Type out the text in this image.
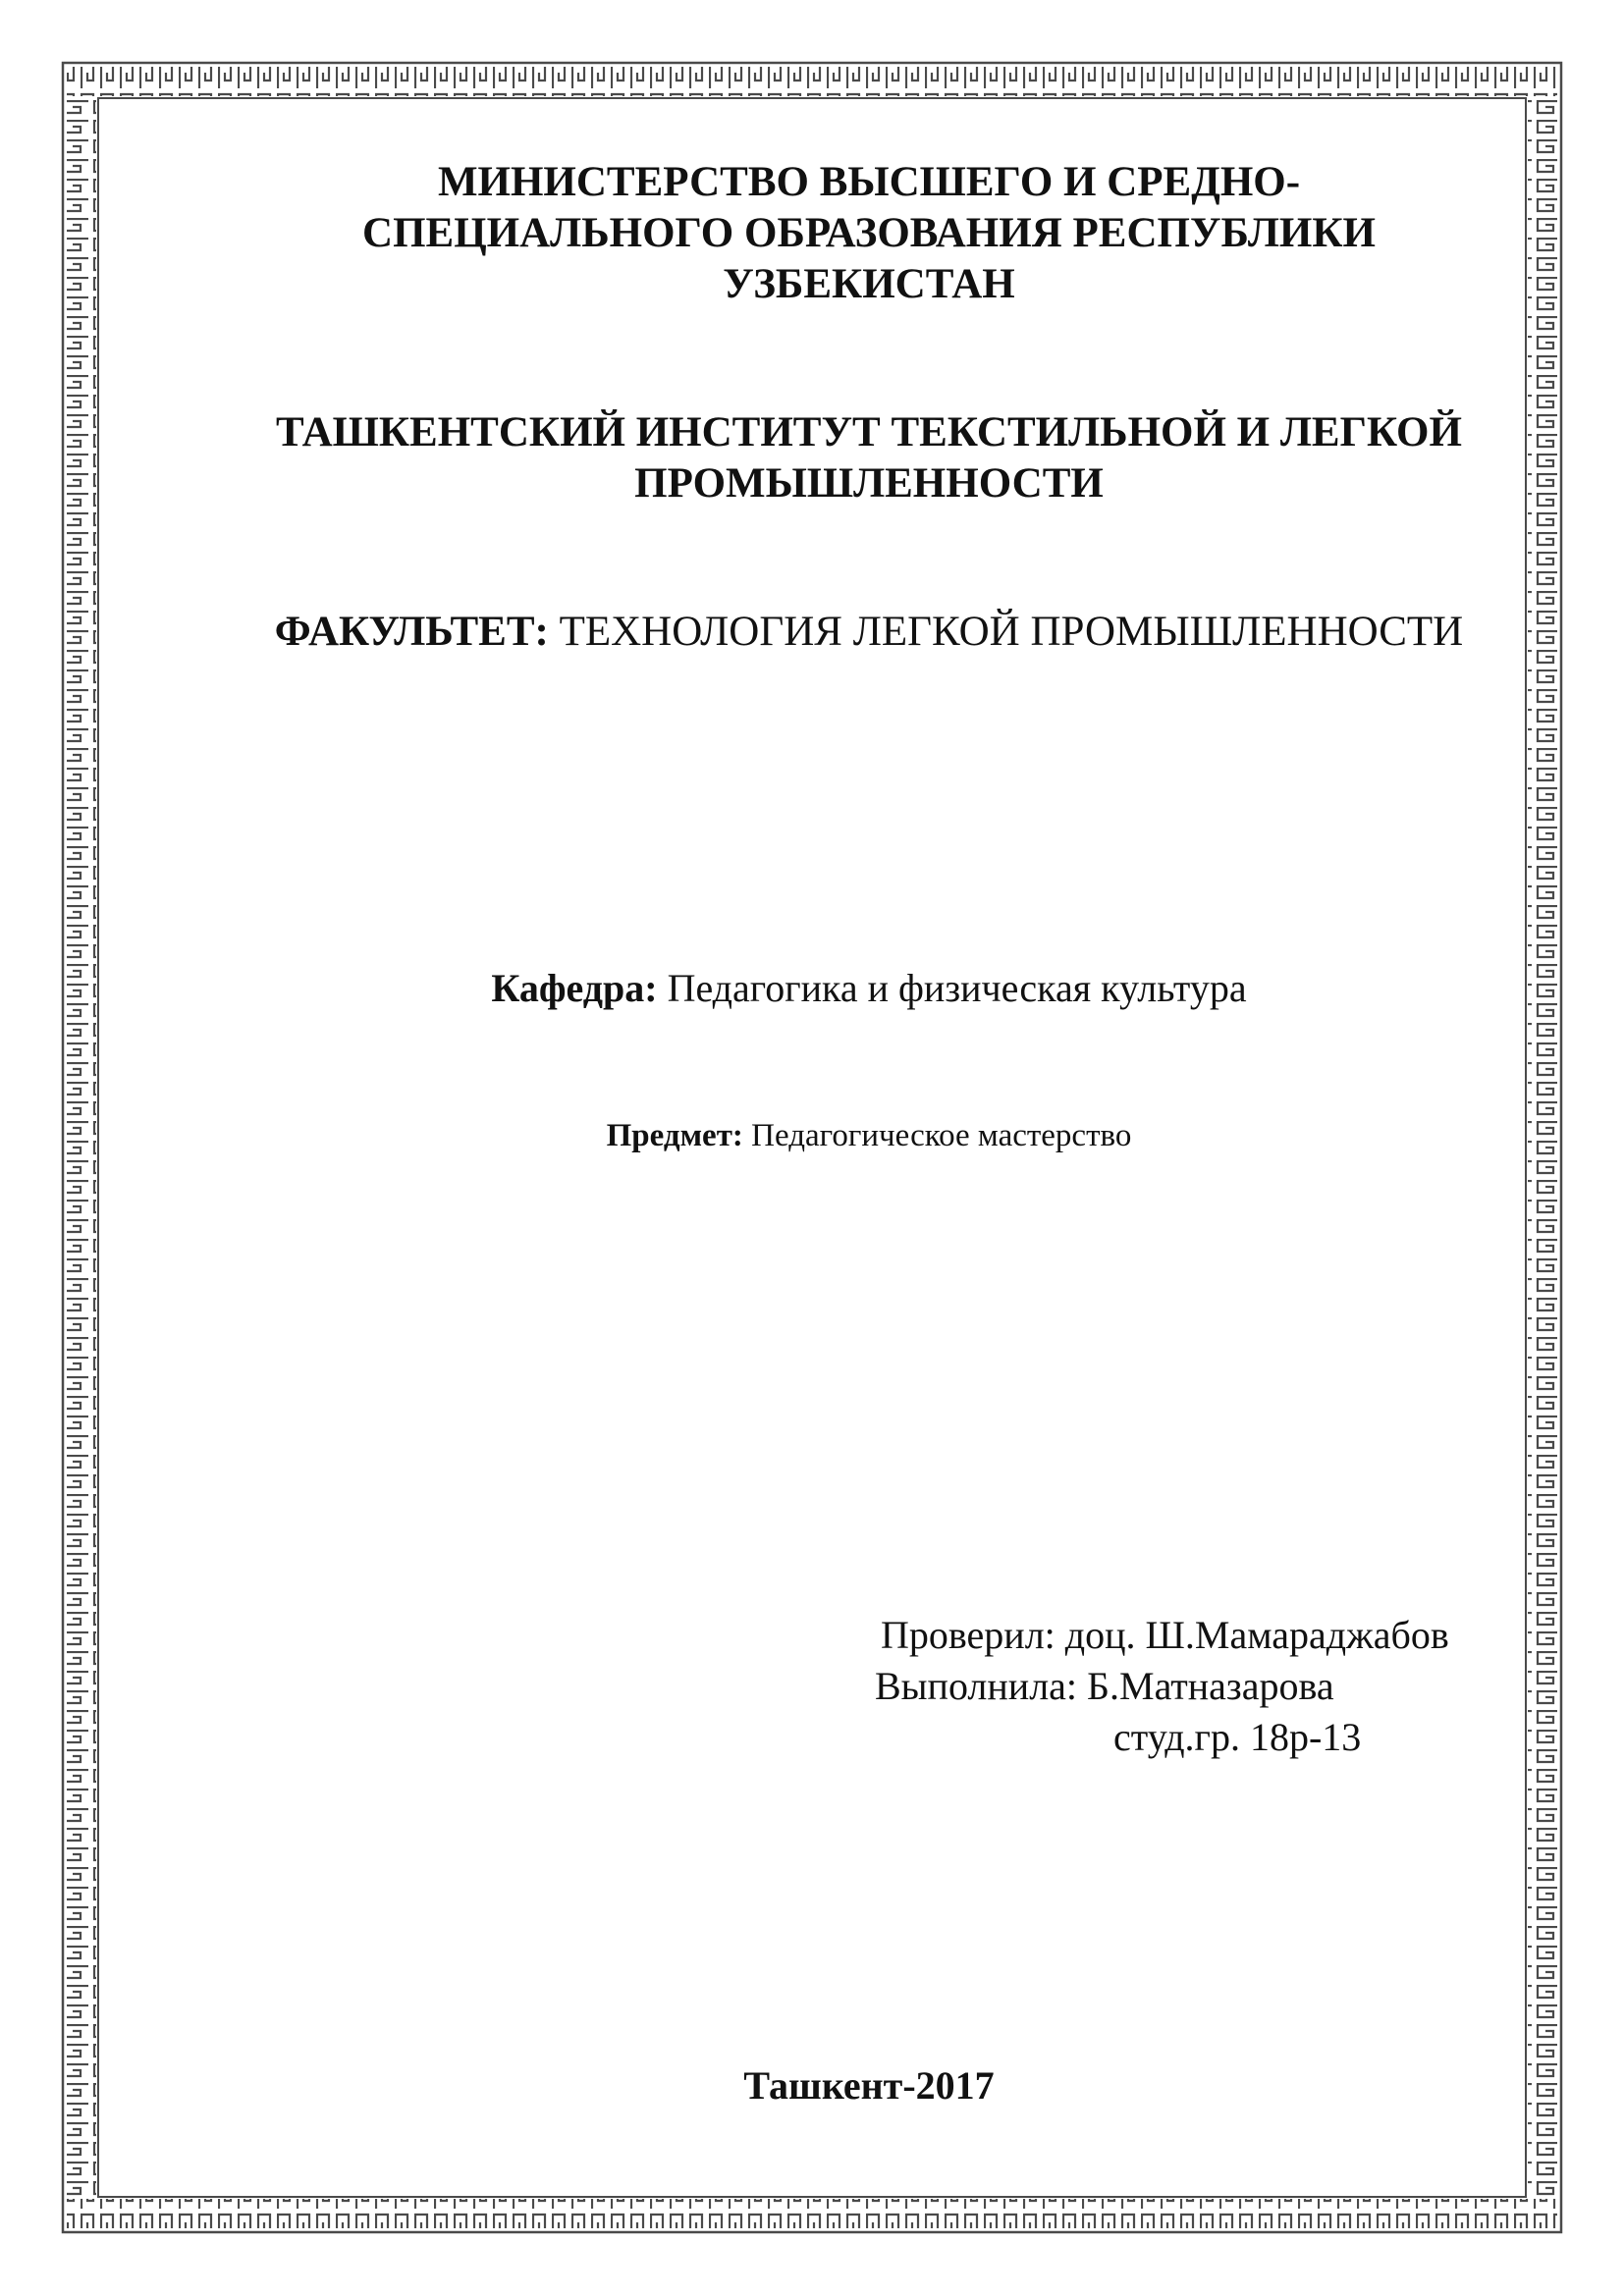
МИНИСТЕРСТВО ВЫСШЕГО И СРЕДНО-
СПЕЦИАЛЬНОГО ОБРАЗОВАНИЯ РЕСПУБЛИКИ
УЗБЕКИСТАН
ТАШКЕНТСКИЙ ИНСТИТУТ ТЕКСТИЛЬНОЙ И ЛЕГКОЙ
ПРОМЫШЛЕННОСТИ
ФАКУЛЬТЕТ: ТЕХНОЛОГИЯ ЛЕГКОЙ ПРОМЫШЛЕННОСТИ
Кафедра: Педагогика и физическая культура
Предмет: Педагогическое мастерство
Проверил: доц. Ш.Мамараджабов
Выполнила: Б.Матназарова
студ.гр. 18р-13
Ташкент-2017
